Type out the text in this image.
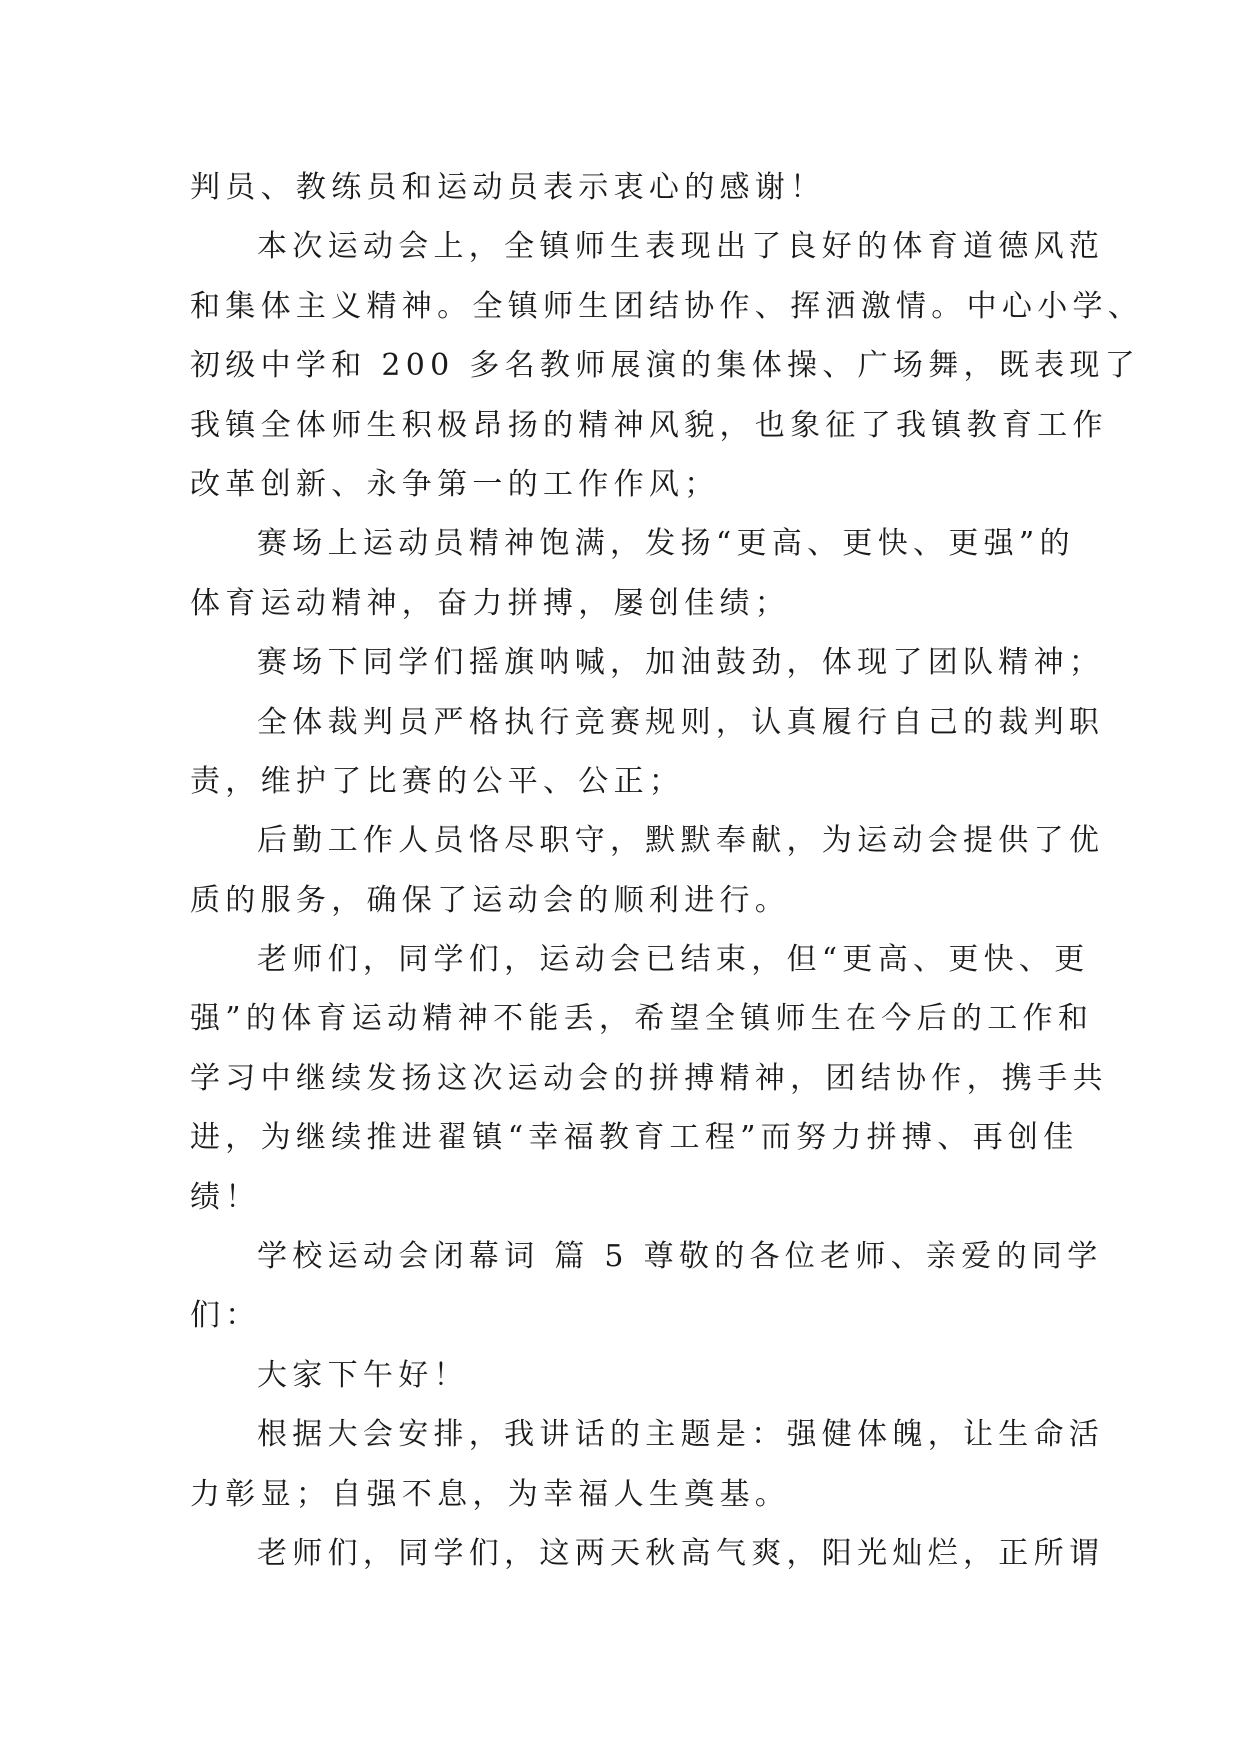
判员、教练员和运动员表示衷心的感谢！
本次运动会上，全镇师生表现出了良好的体育道德风范
和集体主义精神。全镇师生团结协作、挥洒激情。中心小学、
初级中学和 200 多名教师展演的集体操、广场舞，既表现了
我镇全体师生积极昂扬的精神风貌，也象征了我镇教育工作
改革创新、永争第一的工作作风；
赛场上运动员精神饱满，发扬“更高、更快、更强”的
体育运动精神，奋力拼搏，屡创佳绩；
赛场下同学们摇旗呐喊，加油鼓劲，体现了团队精神；
全体裁判员严格执行竞赛规则，认真履行自己的裁判职
责，维护了比赛的公平、公正；
后勤工作人员恪尽职守，默默奉献，为运动会提供了优
质的服务，确保了运动会的顺利进行。
老师们，同学们，运动会已结束，但“更高、更快、更
强”的体育运动精神不能丢，希望全镇师生在今后的工作和
学习中继续发扬这次运动会的拼搏精神，团结协作，携手共
进，为继续推进翟镇“幸福教育工程”而努力拼搏、再创佳
绩！
学校运动会闭幕词 篇 5 尊敬的各位老师、亲爱的同学
们：
大家下午好！
根据大会安排，我讲话的主题是：强健体魄，让生命活
力彰显；自强不息，为幸福人生奠基。
老师们，同学们，这两天秋高气爽，阳光灿烂，正所谓
